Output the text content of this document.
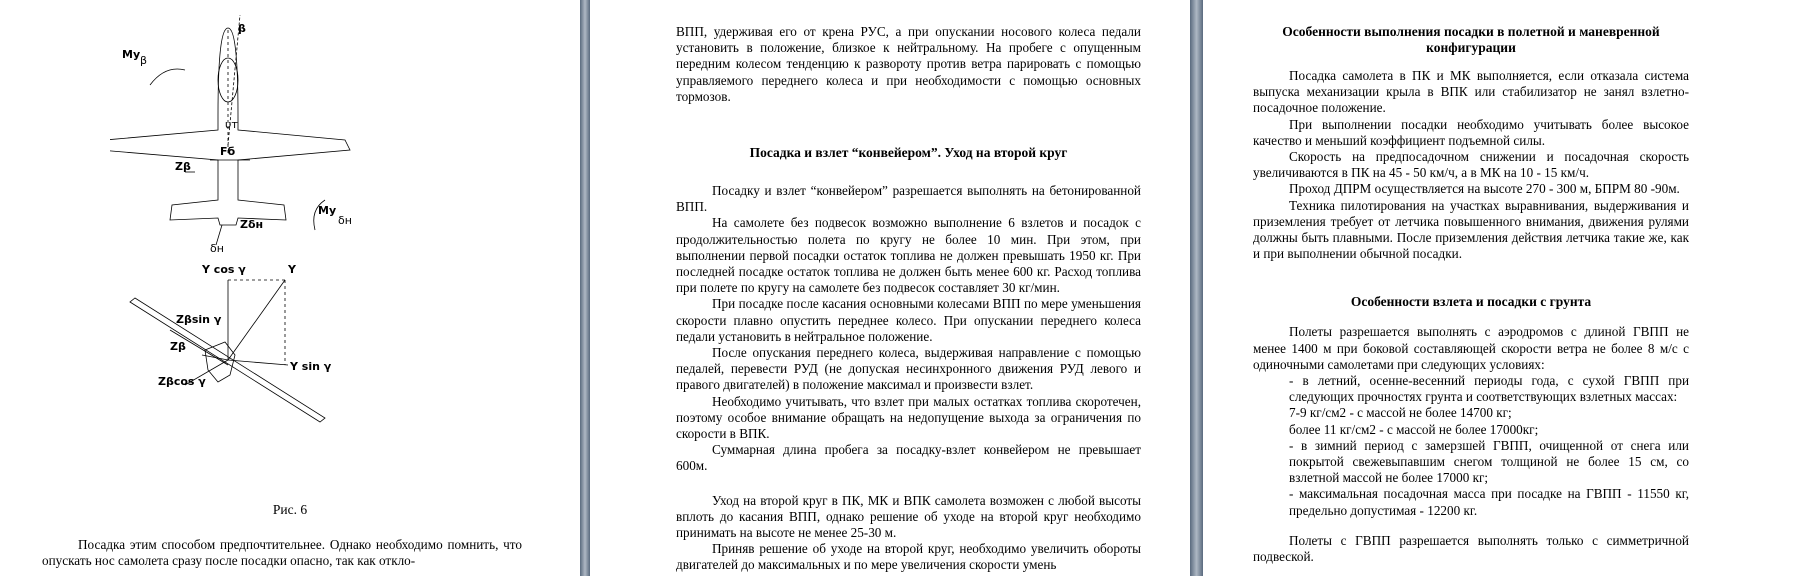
β
Mу β
υт
Fб
Zβ
Mу
δн
Zδн
δн
Y cos γ	Y
Zβsin γ
Zβ
Y sin γ
Zβcos γ
Рис. 6
Посадка этим способом предпочтительнее. Однако необходимо помнить, что опускать нос самолета сразу после посадки опасно, так как откло-

ВПП, удерживая его от крена РУС, а при опускании носового колеса педали установить в положение, близкое к нейтральному. На пробеге с опущенным передним колесом тенденцию к развороту против ветра парировать с помощью управляемого переднего колеса и при необходимости с помощью основных тормозов.

Посадка и взлет “конвейером”. Уход на второй круг

Посадку и взлет “конвейером” разрешается выполнять на бетонированной ВПП.

На самолете без подвесок возможно выполнение 6 взлетов и посадок с продолжительностью полета по кругу не более 10 мин. При этом, при выполнении первой посадки остаток топлива не должен превышать 1950 кг. При последней посадке остаток топлива не должен быть менее 600 кг. Расход топлива при полете по кругу на самолете без подвесок составляет 30 кг/мин.

При посадке после касания основными колесами ВПП по мере уменьшения скорости плавно опустить переднее колесо. При опускании переднего колеса педали установить в нейтральное положение.

После опускания переднего колеса, выдерживая направление с помощью педалей, перевести РУД (не допуская несинхронного движения РУД левого и правого двигателей) в положение максимал и произвести взлет.

Необходимо учитывать, что взлет при малых остатках топлива скоротечен, поэтому особое внимание обращать на недопущение выхода за ограничения по скорости в ВПК.

Суммарная длина пробега за посадку-взлет конвейером не превышает 600м.

Уход на второй круг в ПК, МК и ВПК самолета возможен с любой высоты вплоть до касания ВПП, однако решение об уходе на второй круг необходимо принимать на высоте не менее 25-30 м.

Приняв решение об уходе на второй круг, необходимо увеличить обороты двигателей до максимальных и по мере увеличения скорости умень

Особенности выполнения посадки в полетной и маневренной конфигурации

Посадка самолета в ПК и МК выполняется, если отказала система выпуска механизации крыла в ВПК или стабилизатор не занял взлетно-посадочное положение.

При выполнении посадки необходимо учитывать более высокое качество и меньший коэффициент подъемной силы.

Скорость на предпосадочном снижении и посадочная скорость увеличиваются в ПК на 45 - 50 км/ч, а в МК на 10 - 15 км/ч.

Проход ДПРМ осуществляется на высоте 270 - 300 м, БПРМ 80 -90м.

Техника пилотирования на участках выравнивания, выдерживания и приземления требует от летчика повышенного внимания, движения рулями должны быть плавными. После приземления действия летчика такие же, как и при выполнении обычной посадки.

Особенности взлета и посадки с грунта

Полеты разрешается выполнять с аэродромов с длиной ГВПП не менее 1400 м при боковой составляющей скорости ветра не более 8 м/с с одиночными самолетами при следующих условиях:

- в летний, осенне-весенний периоды года, с сухой ГВПП при следующих прочностях грунта и соответствующих взлетных массах:

7-9 кг/см2 - с массой не более 14700 кг;

более 11 кг/см2 - с массой не более 17000кг;

- в зимний период с замерзшей ГВПП, очищенной от снега или покрытой свежевыпавшим снегом толщиной не более 15 см, со взлетной массой не более 17000 кг;

- максимальная посадочная масса при посадке на ГВПП - 11550 кг, предельно допустимая - 12200 кг.

Полеты с ГВПП разрешается выполнять только с симметричной подвеской.
